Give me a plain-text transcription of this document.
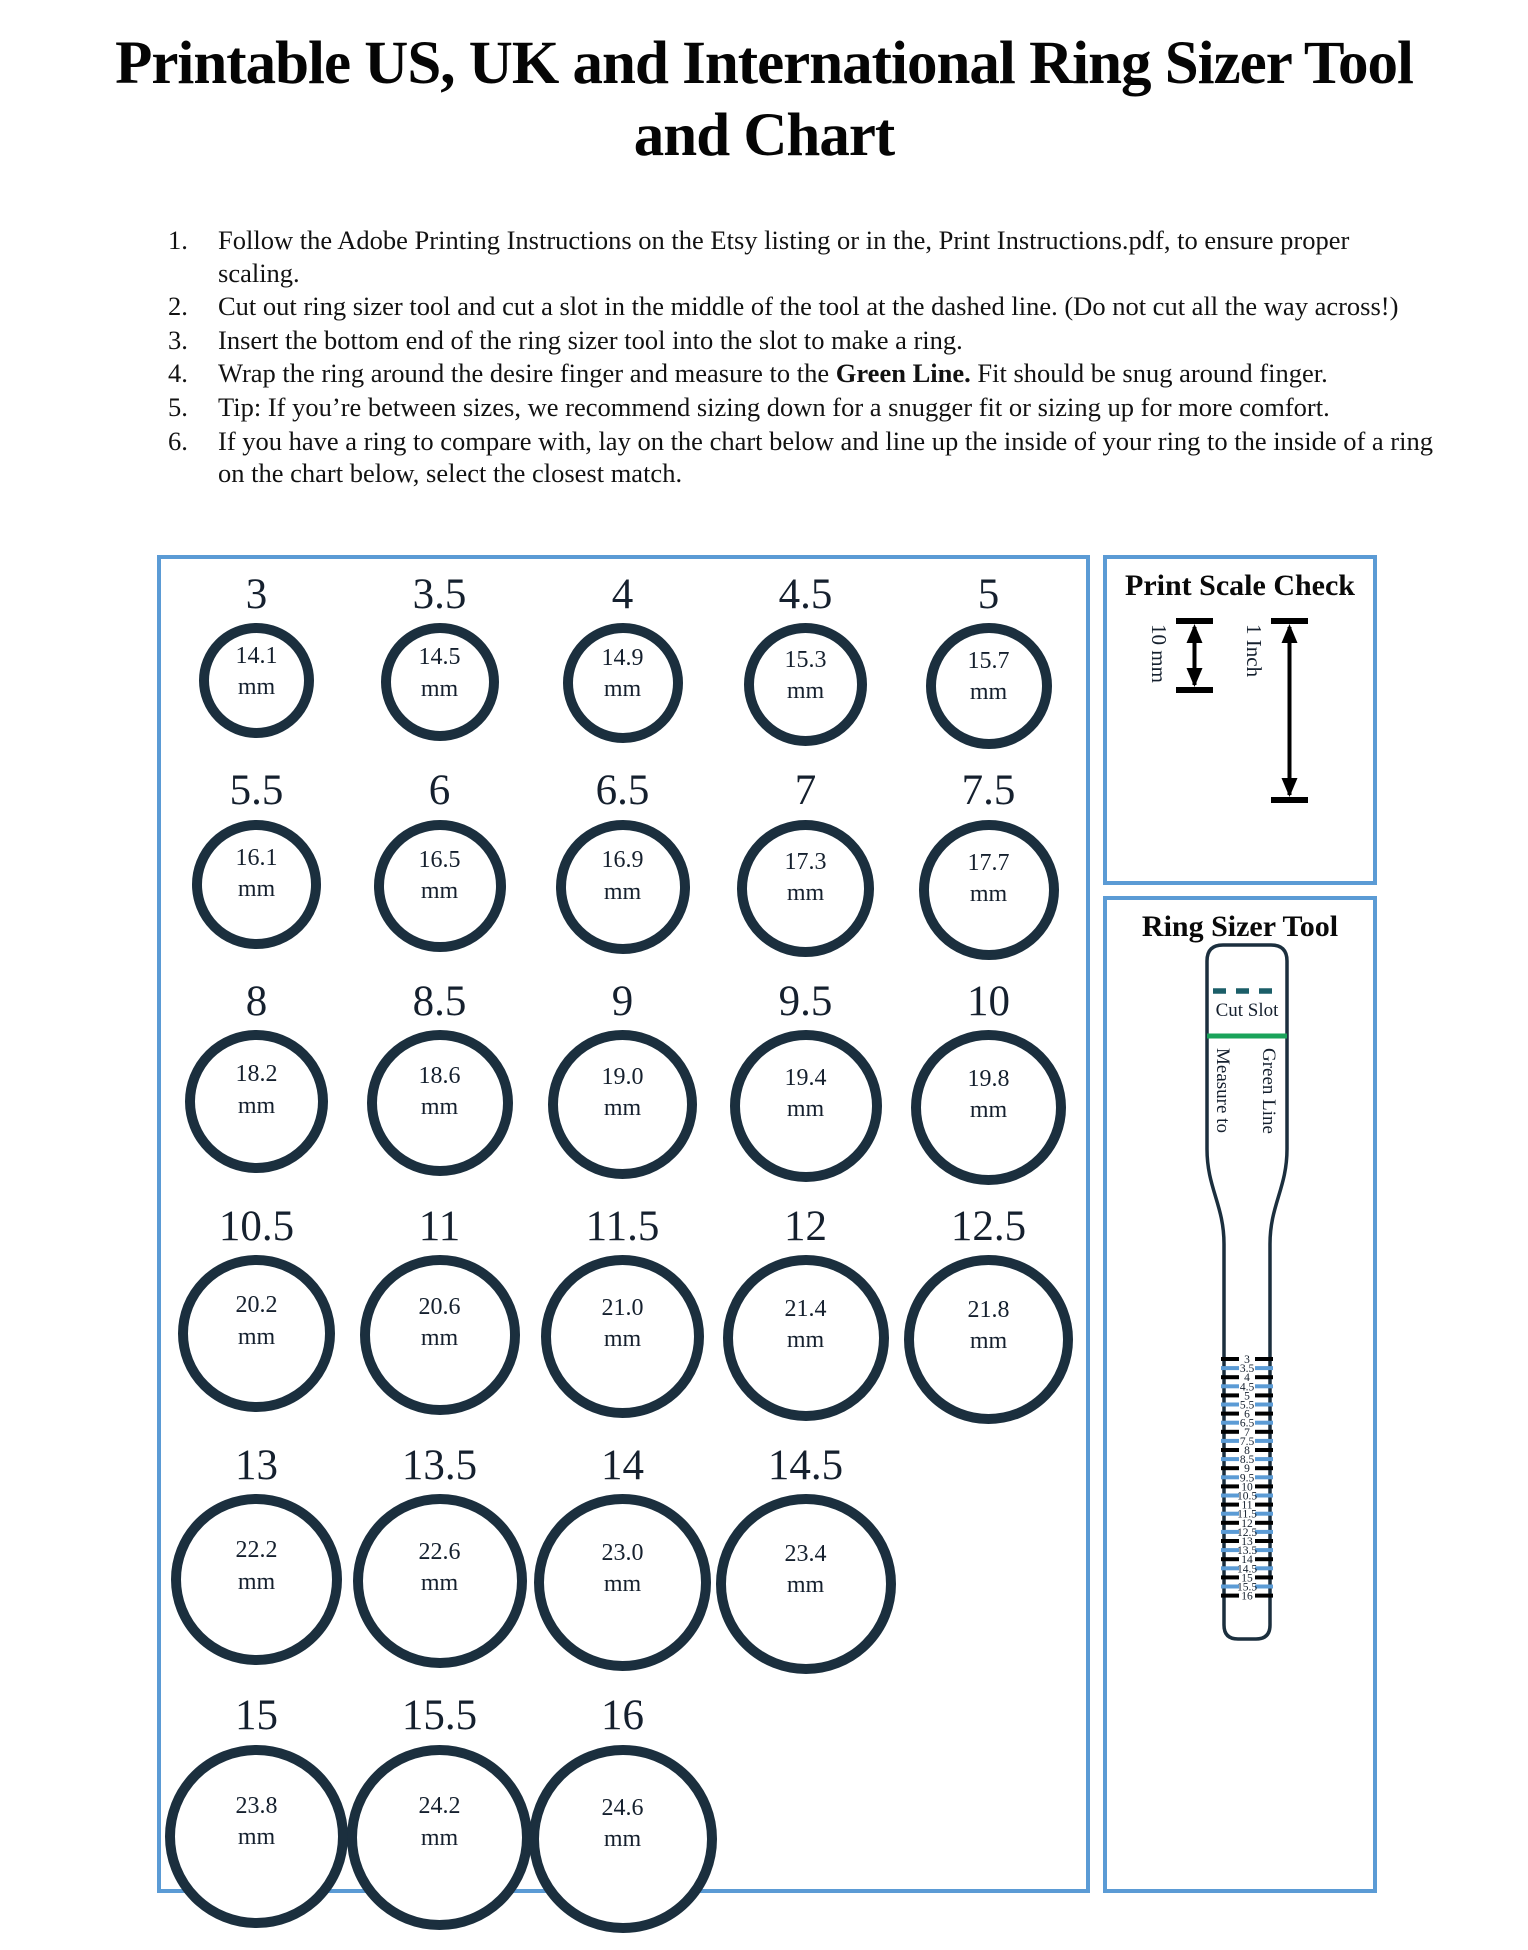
Printable US, UK and International Ring Sizer Tool and Chart
1.	Follow the Adobe Printing Instructions on the Etsy listing or in the, Print Instructions.pdf, to ensure proper scaling.
2.	Cut out ring sizer tool and cut a slot in the middle of the tool at the dashed line. (Do not cut all the way across!)
3.	Insert the bottom end of the ring sizer tool into the slot to make a ring.
4.	Wrap the ring around the desire finger and measure to the Green Line. Fit should be snug around finger.
5.	Tip: If you’re between sizes, we recommend sizing down for a snugger fit or sizing up for more comfort.
6.	If you have a ring to compare with, lay on the chart below and line up the inside of your ring to the inside of a ring on the chart below, select the closest match.
3
14.1
mm
3.5
14.5
mm
4
14.9
mm
4.5
15.3
mm
5
15.7
mm
5.5
16.1
mm
6
16.5
mm
6.5
16.9
mm
7
17.3
mm
7.5
17.7
mm
8
18.2
mm
8.5
18.6
mm
9
19.0
mm
9.5
19.4
mm
10
19.8
mm
10.5
20.2
mm
11
20.6
mm
11.5
21.0
mm
12
21.4
mm
12.5
21.8
mm
13
22.2
mm
13.5
22.6
mm
14
23.0
mm
14.5
23.4
mm
15
23.8
mm
15.5
24.2
mm
16
24.6
mm
Print Scale Check
10 mm	1 Inch
Ring Sizer Tool
Cut Slot
Measure to Green Line
3
3.5
4
4.5
5
5.5
6
6.5
7
7.5
8
8.5
9
9.5
10
10.5
11
11.5
12
12.5
13
13.5
14
14.5
15
15.5
16
